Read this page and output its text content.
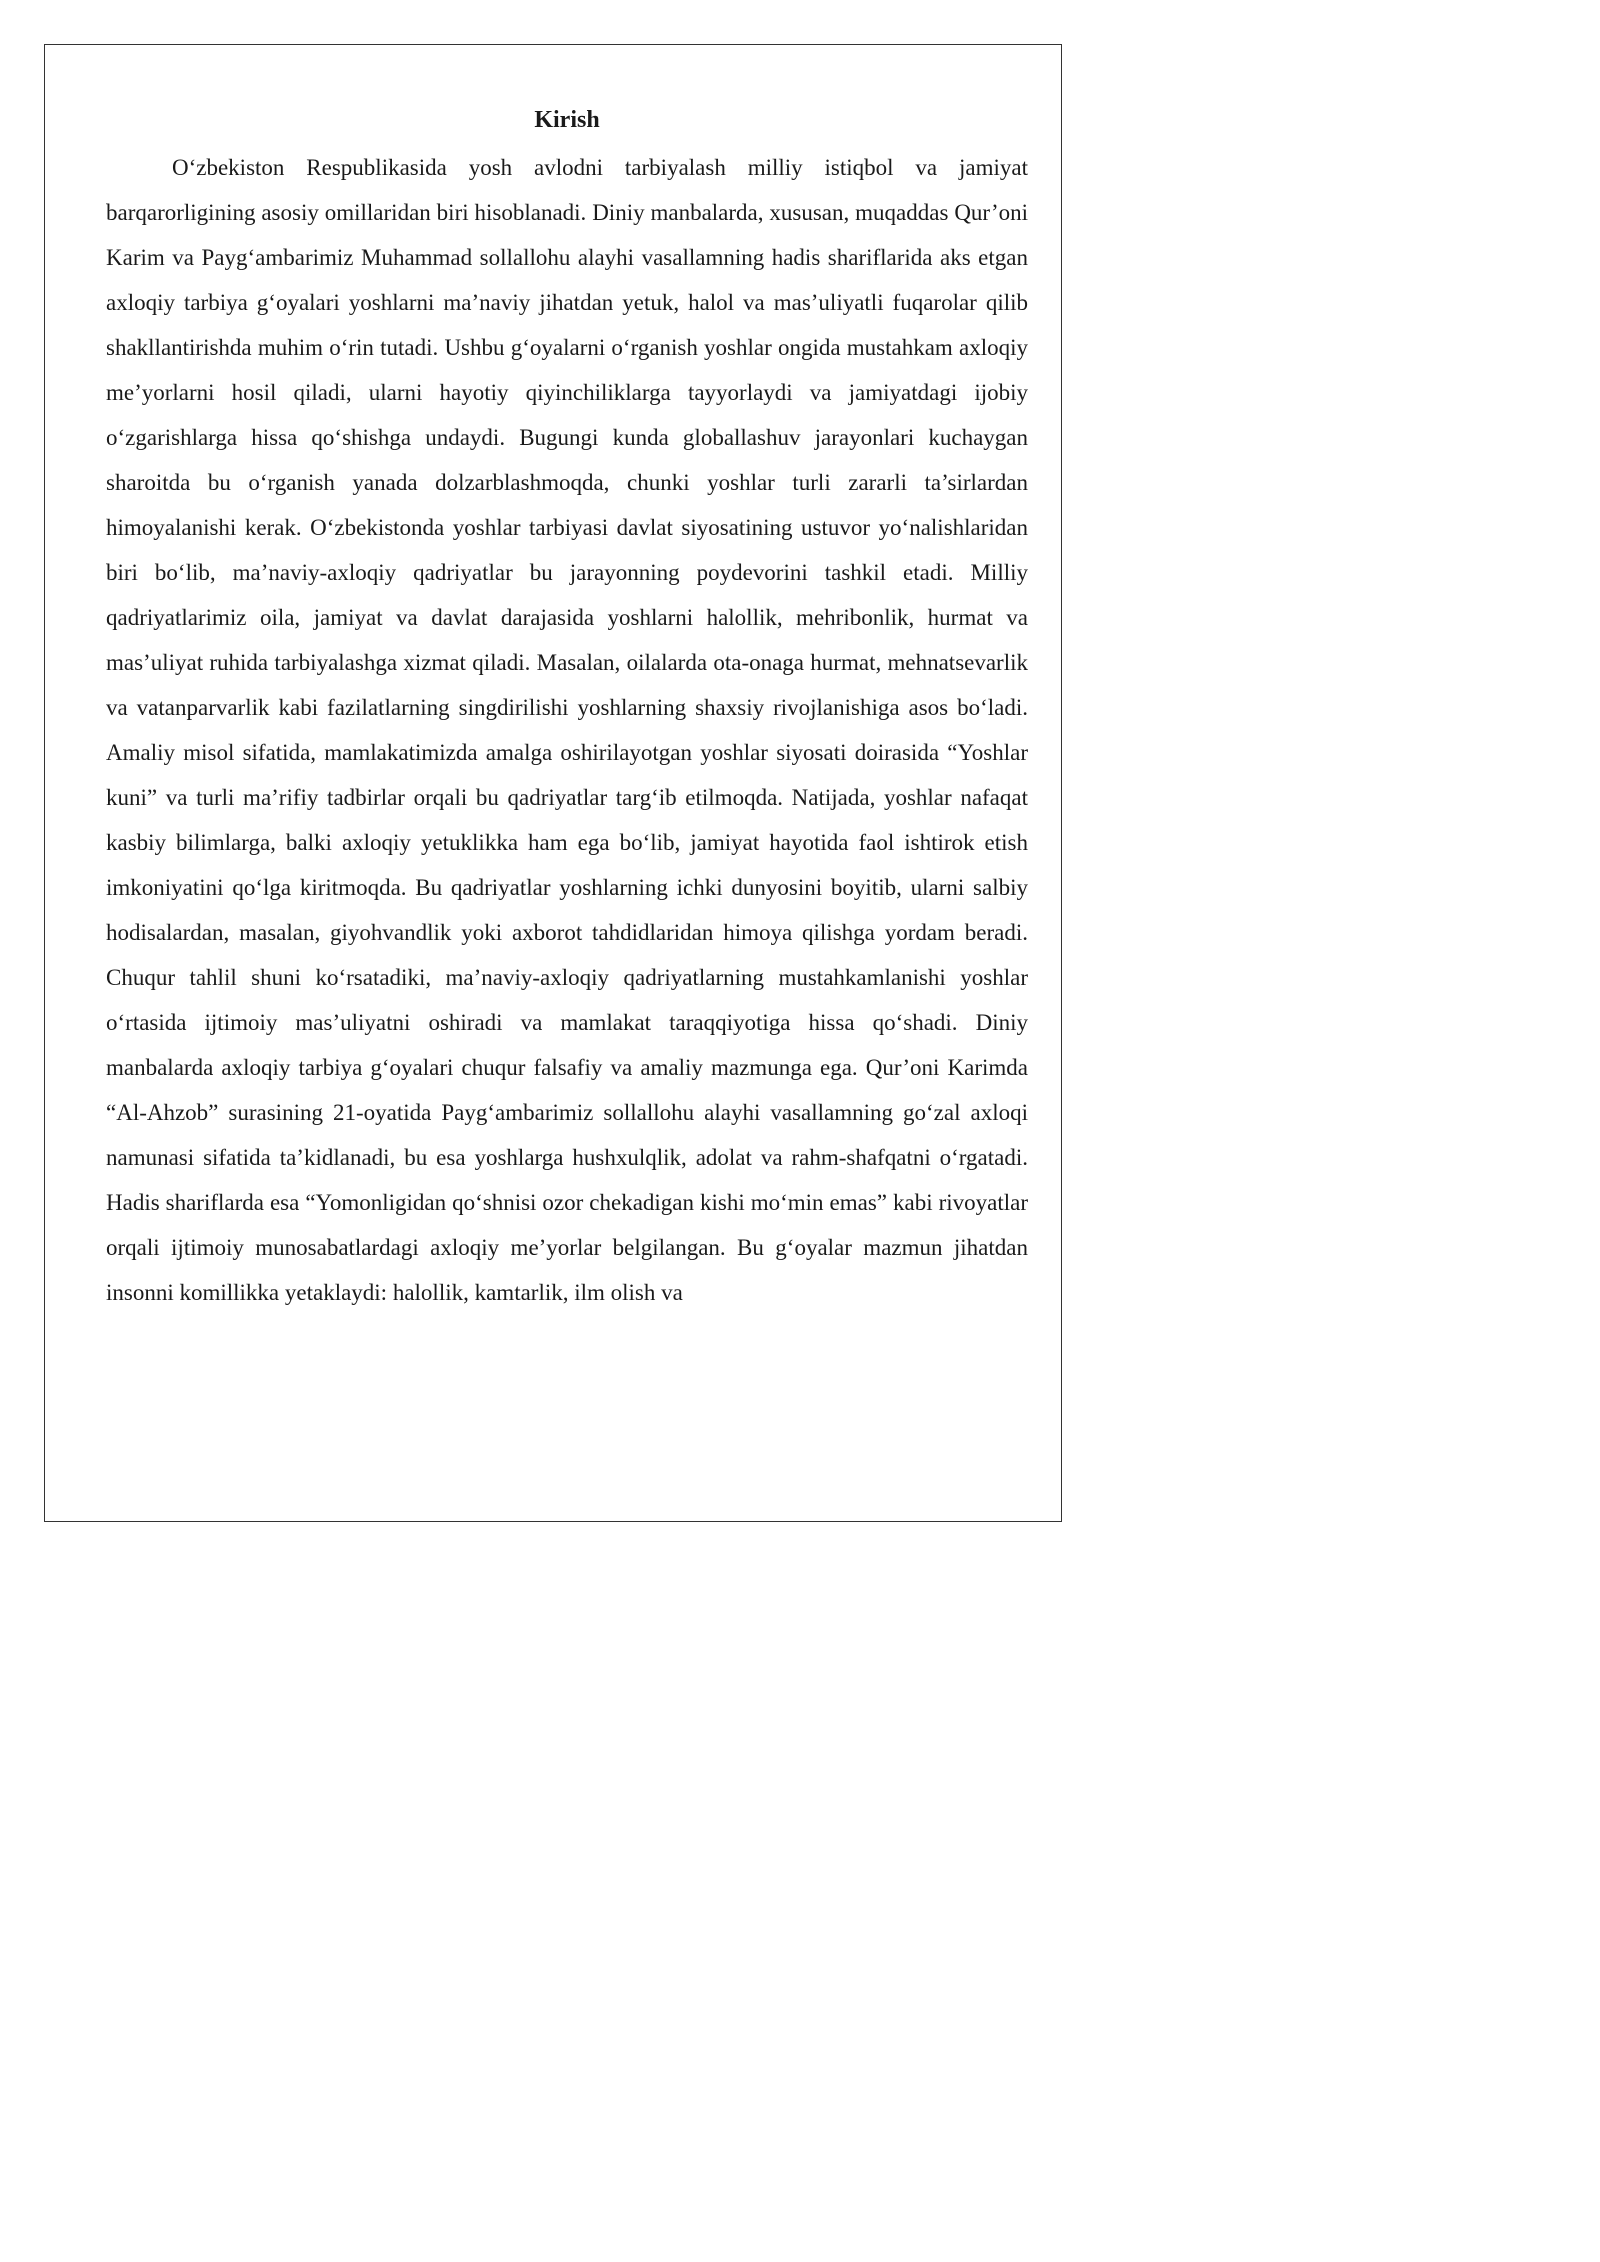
Kirish

O‘zbekiston Respublikasida yosh avlodni tarbiyalash milliy istiqbol va jamiyat barqarorligining asosiy omillaridan biri hisoblanadi. Diniy manbalarda, xususan, muqaddas Qur’oni Karim va Payg‘ambarimiz Muhammad sollallohu alayhi vasallamning hadis shariflarida aks etgan axloqiy tarbiya g‘oyalari yoshlarni ma’naviy jihatdan yetuk, halol va mas’uliyatli fuqarolar qilib shakllantirishda muhim o‘rin tutadi. Ushbu g‘oyalarni o‘rganish yoshlar ongida mustahkam axloqiy me’yorlarni hosil qiladi, ularni hayotiy qiyinchiliklarga tayyorlaydi va jamiyatdagi ijobiy o‘zgarishlarga hissa qo‘shishga undaydi. Bugungi kunda globallashuv jarayonlari kuchaygan sharoitda bu o‘rganish yanada dolzarblashmoqda, chunki yoshlar turli zararli ta’sirlardan himoyalanishi kerak. O‘zbekistonda yoshlar tarbiyasi davlat siyosatining ustuvor yo‘nalishlaridan biri bo‘lib, ma’naviy-axloqiy qadriyatlar bu jarayonning poydevorini tashkil etadi. Milliy qadriyatlarimiz oila, jamiyat va davlat darajasida yoshlarni halollik, mehribonlik, hurmat va mas’uliyat ruhida tarbiyalashga xizmat qiladi. Masalan, oilalarda ota-onaga hurmat, mehnatsevarlik va vatanparvarlik kabi fazilatlarning singdirilishi yoshlarning shaxsiy rivojlanishiga asos bo‘ladi. Amaliy misol sifatida, mamlakatimizda amalga oshirilayotgan yoshlar siyosati doirasida “Yoshlar kuni” va turli ma’rifiy tadbirlar orqali bu qadriyatlar targ‘ib etilmoqda. Natijada, yoshlar nafaqat kasbiy bilimlarga, balki axloqiy yetuklikka ham ega bo‘lib, jamiyat hayotida faol ishtirok etish imkoniyatini qo‘lga kiritmoqda. Bu qadriyatlar yoshlarning ichki dunyosini boyitib, ularni salbiy hodisalardan, masalan, giyohvandlik yoki axborot tahdidlaridan himoya qilishga yordam beradi. Chuqur tahlil shuni ko‘rsatadiki, ma’naviy-axloqiy qadriyatlarning mustahkamlanishi yoshlar o‘rtasida ijtimoiy mas’uliyatni oshiradi va mamlakat taraqqiyotiga hissa qo‘shadi. Diniy manbalarda axloqiy tarbiya g‘oyalari chuqur falsafiy va amaliy mazmunga ega. Qur’oni Karimda “Al-Ahzob” surasining 21-oyatida Payg‘ambarimiz sollallohu alayhi vasallamning go‘zal axloqi namunasi sifatida ta’kidlanadi, bu esa yoshlarga hushxulqlik, adolat va rahm-shafqatni o‘rgatadi. Hadis shariflarda esa “Yomonligidan qo‘shnisi ozor chekadigan kishi mo‘min emas” kabi rivoyatlar orqali ijtimoiy munosabatlardagi axloqiy me’yorlar belgilangan. Bu g‘oyalar mazmun jihatdan insonni komillikka yetaklaydi: halollik, kamtarlik, ilm olish va
